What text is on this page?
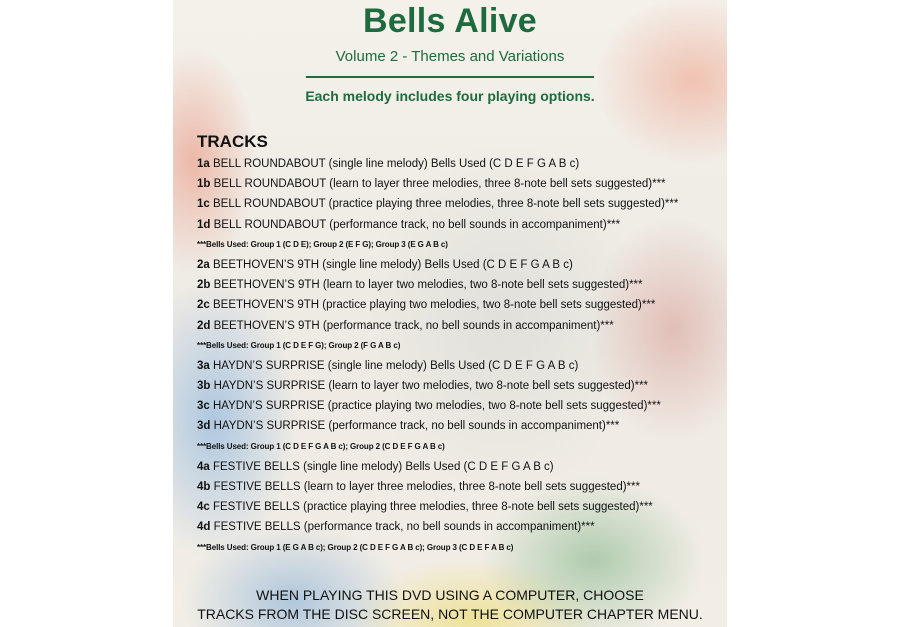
Bells Alive
Volume 2 - Themes and Variations
Each melody includes four playing options.
TRACKS
1a BELL ROUNDABOUT (single line melody) Bells Used (C D E F G A B c)
1b BELL ROUNDABOUT (learn to layer three melodies, three 8-note bell sets suggested)***
1c BELL ROUNDABOUT (practice playing three melodies, three 8-note bell sets suggested)***
1d BELL ROUNDABOUT (performance track, no bell sounds in accompaniment)***
***Bells Used: Group 1 (C D E); Group 2 (E F G); Group 3 (E G A B c)
2a BEETHOVEN’S 9TH (single line melody) Bells Used (C D E F G A B c)
2b BEETHOVEN’S 9TH (learn to layer two melodies, two 8-note bell sets suggested)***
2c BEETHOVEN’S 9TH (practice playing two melodies, two 8-note bell sets suggested)***
2d BEETHOVEN’S 9TH (performance track, no bell sounds in accompaniment)***
***Bells Used: Group 1 (C D E F G); Group 2 (F G A B c)
3a HAYDN’S SURPRISE (single line melody) Bells Used (C D E F G A B c)
3b HAYDN’S SURPRISE (learn to layer two melodies, two 8-note bell sets suggested)***
3c HAYDN’S SURPRISE (practice playing two melodies, two 8-note bell sets suggested)***
3d HAYDN’S SURPRISE (performance track, no bell sounds in accompaniment)***
***Bells Used: Group 1 (C D E F G A B c); Group 2 (C D E F G A B c)
4a FESTIVE BELLS (single line melody) Bells Used (C D E F G A B c)
4b FESTIVE BELLS (learn to layer three melodies, three 8-note bell sets suggested)***
4c FESTIVE BELLS (practice playing three melodies, three 8-note bell sets suggested)***
4d FESTIVE BELLS (performance track, no bell sounds in accompaniment)***
***Bells Used: Group 1 (E G A B c); Group 2 (C D E F G A B c); Group 3 (C D E F A B c)
WHEN PLAYING THIS DVD USING A COMPUTER, CHOOSE
TRACKS FROM THE DISC SCREEN, NOT THE COMPUTER CHAPTER MENU.
